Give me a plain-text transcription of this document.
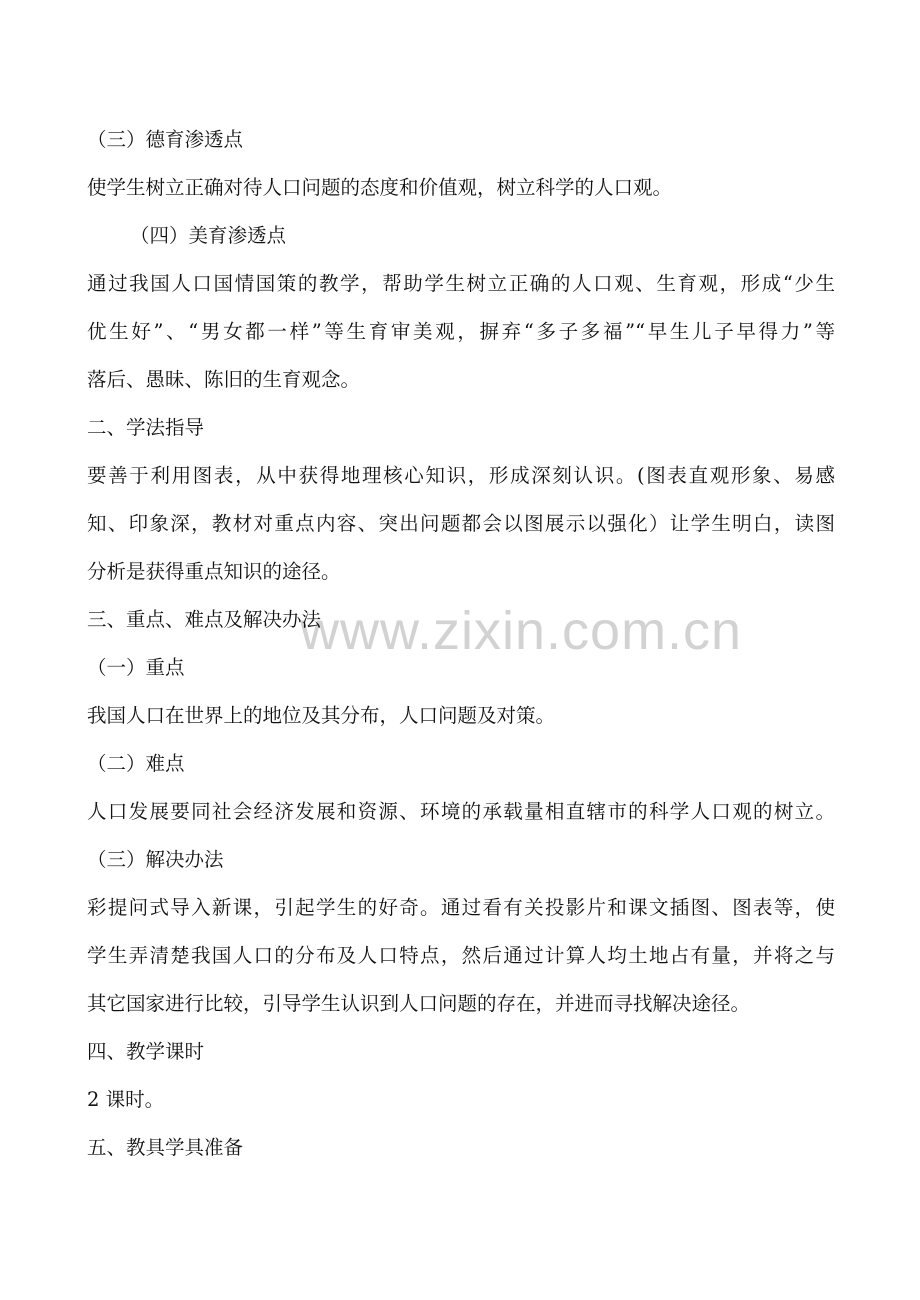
www.zixin.com.cn
（三）德育渗透点
使学生树立正确对待人口问题的态度和价值观，树立科学的人口观。
（四）美育渗透点
通过我国人口国情国策的教学，帮助学生树立正确的人口观、生育观，形成“少生
优生好”、“男女都一样”等生育审美观，摒弃“多子多福”“早生儿子早得力”等
落后、愚昧、陈旧的生育观念。
二、学法指导
要善于利用图表，从中获得地理核心知识，形成深刻认识。(图表直观形象、易感
知、印象深，教材对重点内容、突出问题都会以图展示以强化）让学生明白，读图
分析是获得重点知识的途径。
三、重点、难点及解决办法
（一）重点
我国人口在世界上的地位及其分布，人口问题及对策。
（二）难点
人口发展要同社会经济发展和资源、环境的承载量相直辖市的科学人口观的树立。
（三）解决办法
彩提问式导入新课，引起学生的好奇。通过看有关投影片和课文插图、图表等，使
学生弄清楚我国人口的分布及人口特点，然后通过计算人均土地占有量，并将之与
其它国家进行比较，引导学生认识到人口问题的存在，并进而寻找解决途径。
四、教学课时
2 课时。
五、教具学具准备
